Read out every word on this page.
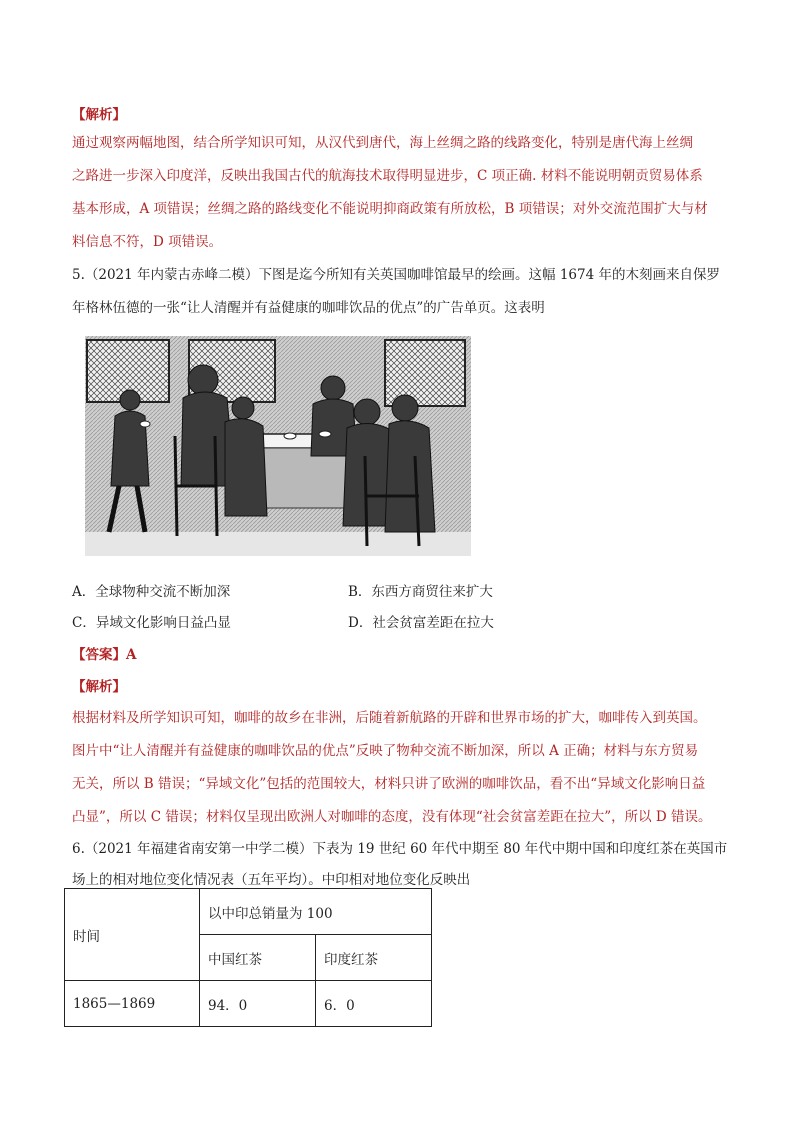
【解析】
通过观察两幅地图，结合所学知识可知，从汉代到唐代，海上丝绸之路的线路变化，特别是唐代海上丝绸
之路进一步深入印度洋，反映出我国古代的航海技术取得明显进步，C 项正确. 材料不能说明朝贡贸易体系
基本形成，A 项错误；丝绸之路的路线变化不能说明抑商政策有所放松，B 项错误；对外交流范围扩大与材
料信息不符，D 项错误。
5.（2021 年内蒙古赤峰二模）下图是迄今所知有关英国咖啡馆最早的绘画。这幅 1674 年的木刻画来自保罗
年格林伍德的一张“让人清醒并有益健康的咖啡饮品的优点”的广告单页。这表明
A．全球物种交流不断加深	B．东西方商贸往来扩大
C．异域文化影响日益凸显	D．社会贫富差距在拉大
【答案】A
【解析】
根据材料及所学知识可知，咖啡的故乡在非洲，后随着新航路的开辟和世界市场的扩大，咖啡传入到英国。
图片中“让人清醒并有益健康的咖啡饮品的优点”反映了物种交流不断加深，所以 A 正确；材料与东方贸易
无关，所以 B 错误；“异域文化”包括的范围较大，材料只讲了欧洲的咖啡饮品，看不出“异域文化影响日益
凸显”，所以 C 错误；材料仅呈现出欧洲人对咖啡的态度，没有体现“社会贫富差距在拉大”，所以 D 错误。
6.（2021 年福建省南安第一中学二模）下表为 19 世纪 60 年代中期至 80 年代中期中国和印度红茶在英国市
场上的相对地位变化情况表（五年平均）。中印相对地位变化反映出
时间	以中印总销量为 100	
	中国红茶	印度红茶
1865—1869	94．0	6．0
